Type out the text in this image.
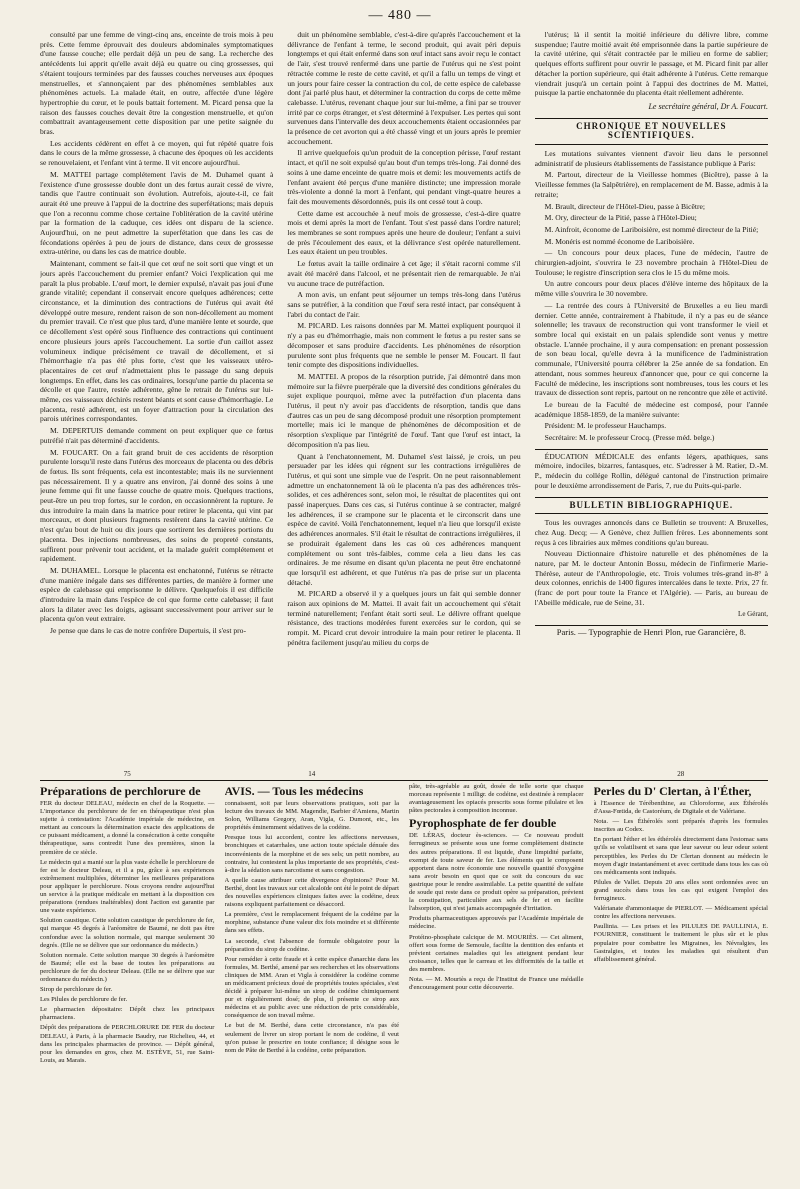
— 480 —

consulté par une femme de vingt-cinq ans, enceinte de trois mois à peu près. Cette femme éprouvait des douleurs abdominales symptomatiques d'une fausse couche; elle perdait déjà un peu de sang. La recherche des antécédents lui apprit qu'elle avait déjà eu quatre ou cinq grossesses, qui s'étaient toujours terminées par des fausses couches nerveuses aux époques menstruelles, et s'annonçaient par des phénomènes semblables aux phénomènes actuels. La malade était, en outre, affectée d'une légère hypertrophie du cœur, et le pouls battait fortement. M. Picard pensa que la raison des fausses couches devait être la congestion menstruelle, et qu'on combattrait avantageusement cette disposition par une petite saignée du bras.

Les accidents cédèrent en effet à ce moyen, qui fut répété quatre fois dans le cours de la même grossesse, à chacune des époques où les accidents se renouvelaient, et l'enfant vint à terme. Il vit encore aujourd'hui.

M. MATTEI partage complétement l'avis de M. Duhamel quant à l'existence d'une grossesse double dont un des fœtus aurait cessé de vivre, tandis que l'autre continuait son évolution. Autrefois, ajoute-t-il, ce fait aurait été une preuve à l'appui de la doctrine des superfétations; mais depuis que l'on a reconnu comme chose certaine l'oblitération de la cavité utérine par la formation de la caduque, ces idées ont disparu de la science. Aujourd'hui, on ne peut admettre la superfétation que dans les cas de fécondations opérées à peu de jours de distance, dans ceux de grossesse extra-utérine, ou dans les cas de matrice double.

Maintenant, comment se fait-il que cet œuf ne soit sorti que vingt et un jours après l'accouchement du premier enfant? Voici l'explication qui me paraît la plus probable. L'œuf mort, le dernier expulsé, n'avait pas joui d'une grande vitalité; cependant il conservait encore quelques adhérences; cette circonstance, et la diminution des contractions de l'utérus qui avait été développé outre mesure, rendent raison de son non-décollement au moment du premier travail. Ce n'est que plus tard, d'une manière lente et sourde, que ce décollement s'est opéré sous l'influence des contractions qui continuent encore plusieurs jours après l'accouchement. La sortie d'un caillot assez volumineux indique précisément ce travail de décollement, et si l'hémorrhagie n'a pas été plus forte, c'est que les vaisseaux utéro-placentaires de cet œuf n'admettaient plus le passage du sang depuis longtemps. En effet, dans les cas ordinaires, lorsqu'une partie du placenta se décolle et que l'autre, restée adhérente, gêne le retrait de l'utérus sur lui-même, ces vaisseaux déchirés restent béants et sont cause d'hémorrhagie. Le placenta, resté adhérent, est un foyer d'attraction pour la circulation des parois utérines correspondantes.

M. DEPERTUIS demande comment on peut expliquer que ce fœtus putréfié n'ait pas déterminé d'accidents.

M. FOUCART. On a fait grand bruit de ces accidents de résorption purulente lorsqu'il reste dans l'utérus des morceaux de placenta ou des débris de fœtus. Ils sont fréquents, cela est incontestable; mais ils ne surviennent pas nécessairement. Il y a quatre ans environ, j'ai donné des soins à une jeune femme qui fit une fausse couche de quatre mois. Quelques tractions, peut-être un peu trop fortes, sur le cordon, en occasionnèrent la rupture. Je dus introduire la main dans la matrice pour retirer le placenta, qui vint par morceaux, et dont plusieurs fragments restèrent dans la cavité utérine. Ce n'est qu'au bout de huit ou dix jours que sortirent les dernières portions du placenta. Des injections nombreuses, des soins de propreté constants, suffirent pour prévenir tout accident, et la malade guérit complétement et rapidement.

M. DUHAMEL. Lorsque le placenta est enchatonné, l'utérus se rétracte d'une manière inégale dans ses différentes parties, de manière à former une espèce de calebasse qui emprisonne le délivre. Quelquefois il est difficile d'introduire la main dans l'espèce de col que forme cette calebasse; il faut alors la dilater avec les doigts, agissant successivement pour arriver sur le placenta qu'on veut extraire.

Je pense que dans le cas de notre confrère Dupertuis, il s'est pro-

duit un phénomène semblable, c'est-à-dire qu'après l'accouchement et la délivrance de l'enfant à terme, le second produit, qui avait péri depuis longtemps et qui était enfermé dans son œuf intact sans avoir reçu le contact de l'air, s'est trouvé renfermé dans une partie de l'utérus qui ne s'est point rétractée comme le reste de cette cavité, et qu'il a fallu un temps de vingt et un jours pour faire cesser la contraction du col, de cette espèce de calebasse dont j'ai parlé plus haut, et déterminer la contraction du corps de cette même calebasse. L'utérus, revenant chaque jour sur lui-même, a fini par se trouver irrité par ce corps étranger, et s'est déterminé à l'expulser. Les pertes qui sont survenues dans l'intervalle des deux accouchements étaient occasionnées par la présence de cet avorton qui a été chassé vingt et un jours après le premier accouchement.

Il arrive quelquefois qu'un produit de la conception périsse, l'œuf restant intact, et qu'il ne soit expulsé qu'au bout d'un temps très-long. J'ai donné des soins à une dame enceinte de quatre mois et demi: les mouvements actifs de l'enfant avaient été perçus d'une manière distincte; une impression morale très-violente a donné la mort à l'enfant, qui pendant vingt-quatre heures a fait des mouvements désordonnés, puis ils ont cessé tout à coup.

Cette dame est accouchée à neuf mois de grossesse, c'est-à-dire quatre mois et demi après la mort de l'enfant. Tout s'est passé dans l'ordre naturel; les membranes se sont rompues après une heure de douleur; l'enfant a suivi de près l'écoulement des eaux, et la délivrance s'est opérée naturellement. Les eaux étaient un peu troubles.

Le fœtus avait la taille ordinaire à cet âge; il s'était racorni comme s'il avait été macéré dans l'alcool, et ne présentait rien de remarquable. Je n'ai vu aucune trace de putréfaction.

A mon avis, un enfant peut séjourner un temps très-long dans l'utérus sans se putréfier, à la condition que l'œuf sera resté intact, par conséquent à l'abri du contact de l'air.

M. PICARD. Les raisons données par M. Mattei expliquent pourquoi il n'y a pas eu d'hémorrhagie, mais non comment le fœtus a pu rester sans se décomposer et sans produire d'accidents. Les phénomènes de résorption purulente sont plus fréquents que ne semble le penser M. Foucart. Il faut tenir compte des dispositions individuelles.

M. MATTEI. A propos de la résorption putride, j'ai démontré dans mon mémoire sur la fièvre puerpérale que la diversité des conditions générales du sujet explique pourquoi, même avec la putréfaction d'un placenta dans l'utérus, il peut n'y avoir pas d'accidents de résorption, tandis que dans d'autres cas un peu de sang décomposé produit une résorption promptement mortelle; mais ici le manque de phénomènes de décomposition et de résorption s'explique par l'intégrité de l'œuf. Tant que l'œuf est intact, la décomposition n'a pas lieu.

Quant à l'enchatonnement, M. Duhamel s'est laissé, je crois, un peu persuader par les idées qui régnent sur les contractions irrégulières de l'utérus, et qui sont une simple vue de l'esprit. On ne peut raisonnablement admettre un enchatonnement là où le placenta n'a pas des adhérences très-solides, et ces adhérences sont, selon moi, le résultat de placentites qui ont passé inaperçues. Dans ces cas, si l'utérus continue à se contracter, malgré les adhérences, il se crampone sur le placenta et le circonscrit dans une espèce de cavité. Voilà l'enchatonnement, lequel n'a lieu que lorsqu'il existe des adhérences anormales. S'il était le résultat de contractions irrégulières, il se produirait également dans les cas où ces adhérences manquent complétement ou sont très-faibles, comme cela a lieu dans les cas ordinaires. Je me résume en disant qu'un placenta ne peut être enchatonné que lorsqu'il est adhérent, et que l'utérus n'a pas de prise sur un placenta détaché.

M. PICARD a observé il y a quelques jours un fait qui semble donner raison aux opinions de M. Mattei. Il avait fait un accouchement qui s'était terminé naturellement; l'enfant était sorti seul. Le délivre offrant quelque résistance, des tractions modérées furent exercées sur le cordon, qui se rompit. M. Picard crut devoir introduire la main pour retirer le placenta. Il pénétra facilement jusqu'au milieu du corps de

l'utérus; là il sentit la moitié inférieure du délivre libre, comme suspendue; l'autre moitié avait été emprisonnée dans la partie supérieure de la cavité utérine, qui s'était contractée par le milieu en forme de sablier; quelques efforts suffirent pour ouvrir le passage, et M. Picard finit par aller détacher la portion supérieure, qui était adhérente à l'utérus. Cette remarque viendrait jusqu'à un certain point à l'appui des doctrines de M. Mattei, puisque la partie enchatonnée du placenta était réellement adhérente.

Le secrétaire général, Dr A. Foucart.
CHRONIQUE ET NOUVELLES SCIENTIFIQUES.

Les mutations suivantes viennent d'avoir lieu dans le personnel administratif de plusieurs établissements de l'assistance publique à Paris:

M. Partout, directeur de la Vieillesse hommes (Bicêtre), passe à la Vieillesse femmes (la Salpêtrière), en remplacement de M. Basse, admis à la retraite;

M. Brault, directeur de l'Hôtel-Dieu, passe à Bicêtre;

M. Ory, directeur de la Pitié, passe à l'Hôtel-Dieu;

M. Ainfroit, économe de Lariboisière, est nommé directeur de la Pitié;

M. Monéris est nommé économe de Lariboisière.

— Un concours pour deux places, l'une de médecin, l'autre de chirurgien-adjoint, s'ouvrira le 23 novembre prochain à l'Hôtel-Dieu de Toulouse; le registre d'inscription sera clos le 15 du même mois.

Un autre concours pour deux places d'élève interne des hôpitaux de la même ville s'ouvrira le 30 novembre.

— La rentrée des cours à l'Université de Bruxelles a eu lieu mardi dernier. Cette année, contrairement à l'habitude, il n'y a pas eu de séance solennelle; les travaux de reconstruction qui vont transformer le vieil et sombre local qui existait en un palais splendide sont venus y mettre obstacle. L'année prochaine, il y aura compensation: en prenant possession de son beau local, qu'elle devra à la munificence de l'administration communale, l'Université pourra célébrer la 25e année de sa fondation. En attendant, nous sommes heureux d'annoncer que, pour ce qui concerne la Faculté de médecine, les inscriptions sont nombreuses, tous les cours et les travaux de dissection sont repris, partout on ne rencontre que zèle et activité.

Le bureau de la Faculté de médecine est composé, pour l'année académique 1858-1859, de la manière suivante:

Président: M. le professeur Hauchamps.

Secrétaire: M. le professeur Crocq. (Presse méd. belge.)

ÉDUCATION MÉDICALE des enfants légers, apathiques, sans mémoire, indociles, bizarres, fantasques, etc. S'adresser à M. Ratier, D.-M. P., médecin du collége Rollin, délégué cantonal de l'instruction primaire pour le deuxième arrondissement de Paris, 7, rue du Puits-qui-parle.

BULLETIN BIBLIOGRAPHIQUE.

Tous les ouvrages annoncés dans ce Bulletin se trouvent: A Bruxelles, chez Aug. Decq; — A Genève, chez Jullien frères. Les abonnements sont reçus à ces librairies aux mêmes conditions qu'au bureau.

Nouveau Dictionnaire d'histoire naturelle et des phénomènes de la nature, par M. le docteur Antonin Bossu, médecin de l'infirmerie Marie-Thérèse, auteur de l'Anthropologie, etc. Trois volumes très-grand in-8° à deux colonnes, enrichis de 1400 figures intercalées dans le texte. Prix, 27 fr. (franc de port pour toute la France et l'Algérie). — Paris, au bureau de l'Abeille médicale, rue de Seine, 31.

Le Gérant,
Paris. — Typographie de Henri Plon, rue Garancière, 8.
75	14	28
Préparations de perchlorure de

FER du docteur DELEAU, médecin en chef de la Roquette. — L'importance du perchlorure de fer en thérapeutique n'est plus sujette à contestation: l'Académie impériale de médecine, en mettant au concours la détermination exacte des applications de ce puissant médicament, a donné la consécration à cette conquête thérapeutique, sans contredit l'une des premières, sinon la première de ce siècle.

Le médecin qui a manié sur la plus vaste échelle le perchlorure de fer est le docteur Deleau, et il a pu, grâce à ses expériences extrêmement multipliées, déterminer les meilleures préparations pour appliquer le perchlorure. Nous croyons rendre aujourd'hui un service à la pratique médicale en mettant à la disposition ces préparations (rendues inaltérables) dont l'action est garantie par une vaste expérience.

Solution caustique. Cette solution caustique de perchlorure de fer, qui marque 45 degrés à l'aréomètre de Baumé, ne doit pas être confondue avec la solution normale, qui marque seulement 30 degrés. (Elle ne se délivre que sur ordonnance du médecin.)

Solution normale. Cette solution marque 30 degrés à l'aréomètre de Baumé; elle est la base de toutes les préparations au perchlorure de fer du docteur Deleau. (Elle ne se délivre que sur ordonnance du médecin.)

Sirop de perchlorure de fer.

Les Pilules de perchlorure de fer.

Le pharmacien dépositaire: Dépôt chez les principaux pharmaciens.

Dépôt des préparations de PERCHLORURE DE FER du docteur DELEAU, à Paris, à la pharmacie Baudry, rue Richelieu, 44, et dans les principales pharmacies de province. — Dépôt général, pour les demandes en gros, chez M. ESTÈVE, 51, rue Saint-Louis, au Marais.

AVIS. — Tous les médecins

connaissent, soit par leurs observations pratiques, soit par la lecture des travaux de MM. Magendie, Barbier d'Amiens, Martin Solon, Williams Gregory, Aran, Vigla, G. Dumont, etc., les propriétés éminemment sédatives de la codéine.

Presque tous lui accordent, contre les affections nerveuses, bronchiques et catarrhales, une action toute spéciale dénuée des inconvénients de la morphine et de ses sels; un petit nombre, au contraire, lui contestent la plus importante de ses propriétés, c'est-à-dire la sédation sans narcotisme et sans congestion.

A quelle cause attribuer cette divergence d'opinions? Pour M. Berthé, dont les travaux sur cet alcaloïde ont été le point de départ des nouvelles expériences cliniques faites avec la codéine, deux raisons expliquent parfaitement ce désaccord.

La première, c'est le remplacement fréquent de la codéine par la morphine, substance d'une valeur dix fois moindre et si différente dans ses effets.

La seconde, c'est l'absence de formule obligatoire pour la préparation du sirop de codéine.

Pour remédier à cette fraude et à cette espèce d'anarchie dans les formules, M. Berthé, amené par ses recherches et les observations cliniques de MM. Aran et Vigla à considérer la codéine comme un médicament précieux doué de propriétés toutes spéciales, s'est décidé à préparer lui-même un sirop de codéine chimiquement pur et régulièrement dosé; de plus, il présente ce sirop aux médecins et au public avec une réduction de prix considérable, conséquence de son travail même.

Le but de M. Berthé, dans cette circonstance, n'a pas été seulement de livrer un sirop portant le nom de codéine, il veut qu'on puisse le prescrire en toute confiance; il désigne sous le nom de Pâte de Berthé à la codéine, cette préparation.

pâte, très-agréable au goût, dosée de telle sorte que chaque morceau représente 1 milligr. de codéine, est destinée à remplacer avantageusement les opiacés prescrits sous forme pilulaire et les pâtes pectorales à composition inconnue.

Pyrophosphate de fer double

DE LÉRAS, docteur ès-sciences. — Ce nouveau produit ferrugineux se présente sous une forme complètement distincte des autres préparations. Il est liquide, d'une limpidité parfaite, exempt de toute saveur de fer. Les éléments qui le composent apportent dans notre économie une nouvelle quantité d'oxygène sans avoir besoin en quoi que ce soit du concours du suc gastrique pour le rendre assimilable. La petite quantité de sulfate de soude qui reste dans ce produit opère sa préparation, prévient la constipation, particulière aux sels de fer et en facilite l'absorption, qui n'est jamais accompagnée d'irritation.

Produits pharmaceutiques approuvés par l'Académie impériale de médecine.

Protéino-phosphate calcique de M. MOURIÈS. — Cet aliment, offert sous forme de Semoule, facilite la dentition des enfants et prévient certaines maladies qui les atteignent pendant leur croissance, telles que le carreau et les difformités de la taille et des membres.

Nota. — M. Mouriès a reçu de l'Institut de France une médaille d'encouragement pour cette découverte.

Perles du D' Clertan, à l'Éther,

à l'Essence de Térébenthine, au Chloroforme, aux Éthérolés d'Assa-Fœtida, de Castoréum, de Digitale et de Valériane.

Nota. — Les Éthérolés sont préparés d'après les formules inscrites au Codex.

En portant l'éther et les éthérolés directement dans l'estomac sans qu'ils se volatilisent et sans que leur saveur ou leur odeur soient perceptibles, les Perles du Dr Clertan donnent au médecin le moyen d'agir instantanément et avec certitude dans tous les cas où ces médicaments sont indiqués.

Pilules de Vallet. Depuis 20 ans elles sont ordonnées avec un grand succès dans tous les cas qui exigent l'emploi des ferrugineux.

Valérianate d'ammoniaque de PIERLOT. — Médicament spécial contre les affections nerveuses.

Paullinia. — Les prises et les PILULES DE PAULLINIA, E. FOURNIER, constituent le traitement le plus sûr et le plus populaire pour combattre les Migraines, les Névralgies, les Gastralgies, et toutes les maladies qui résultent d'un affaiblissement général.
